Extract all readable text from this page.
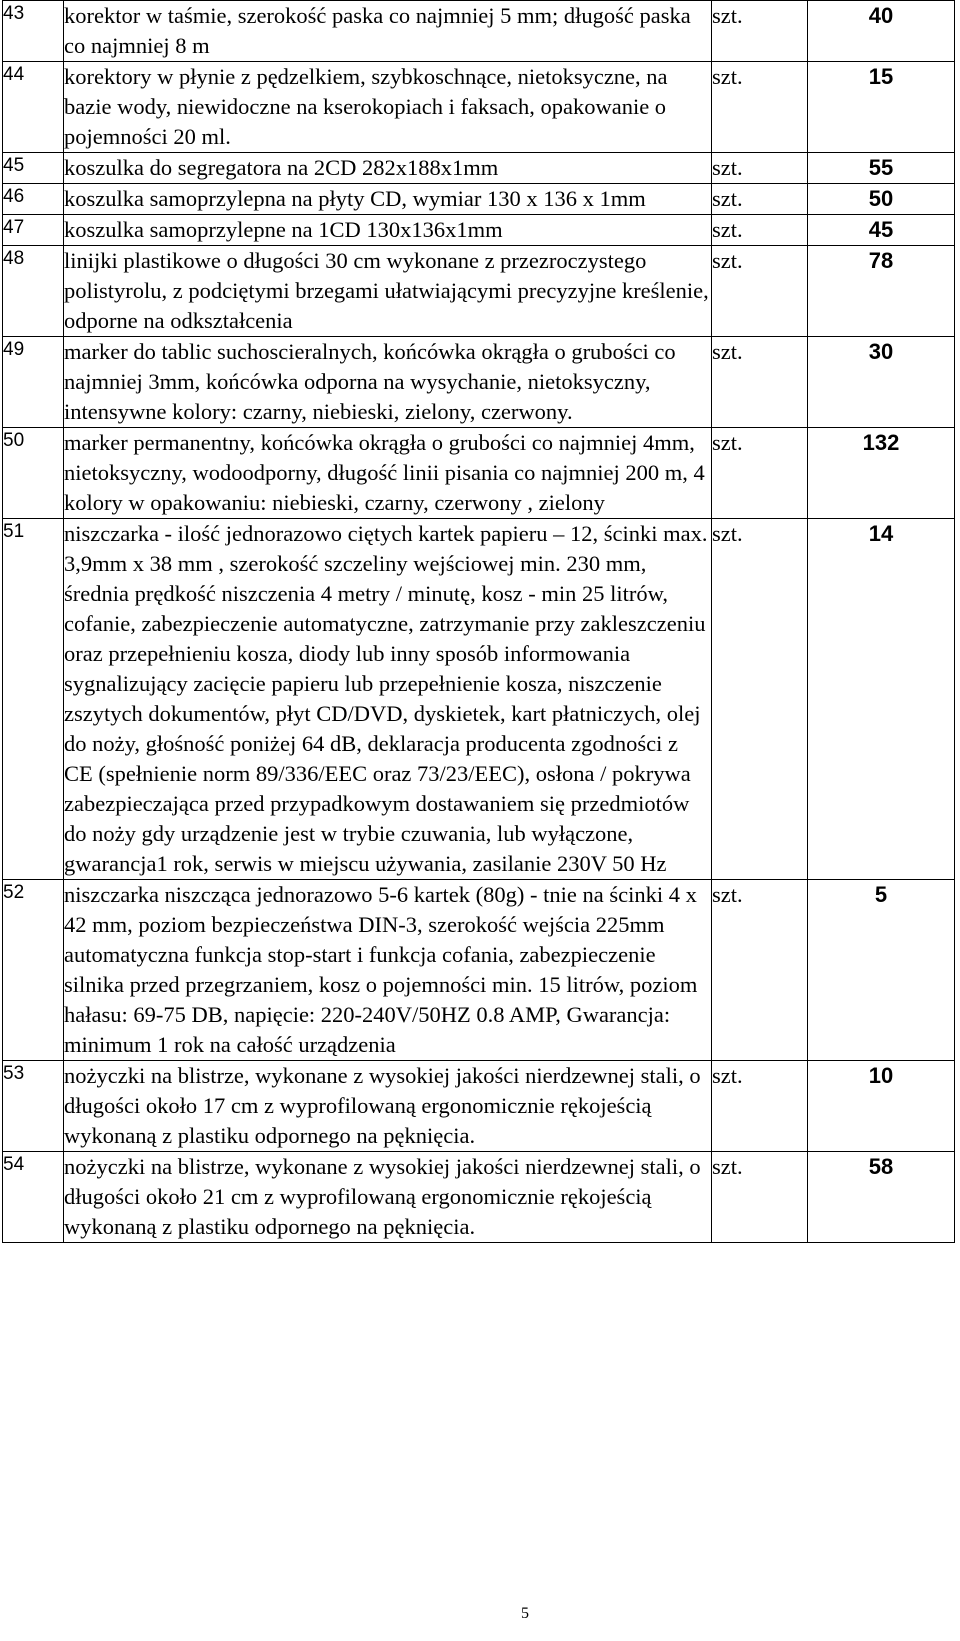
43	korektor w taśmie, szerokość paska co najmniej 5 mm; długość paska co najmniej 8 m	szt.	40
44	korektory w płynie z pędzelkiem, szybkoschnące, nietoksyczne, na bazie wody, niewidoczne na kserokopiach i faksach, opakowanie o pojemności 20 ml.	szt.	15
45	koszulka do segregatora na 2CD 282x188x1mm	szt.	55
46	koszulka samoprzylepna na płyty CD, wymiar 130 x 136 x 1mm	szt.	50
47	koszulka samoprzylepne na 1CD 130x136x1mm	szt.	45
48	linijki plastikowe o długości 30 cm wykonane z przezroczystego polistyrolu, z podciętymi brzegami ułatwiającymi precyzyjne kreślenie, odporne na odkształcenia	szt.	78
49	marker do tablic suchoscieralnych, końcówka okrągła o grubości co najmniej 3mm, końcówka odporna na wysychanie, nietoksyczny, intensywne kolory: czarny, niebieski, zielony, czerwony.	szt.	30
50	marker permanentny, końcówka okrągła o grubości co najmniej 4mm, nietoksyczny, wodoodporny, długość linii pisania co najmniej 200 m, 4 kolory w opakowaniu: niebieski, czarny, czerwony , zielony	szt.	132
51	niszczarka - ilość jednorazowo ciętych kartek papieru – 12, ścinki max. 3,9mm x 38 mm , szerokość szczeliny wejściowej min. 230 mm, średnia prędkość niszczenia 4 metry / minutę, kosz - min 25 litrów, cofanie, zabezpieczenie automatyczne, zatrzymanie przy zakleszczeniu oraz przepełnieniu kosza, diody lub inny sposób informowania sygnalizujący zacięcie papieru lub przepełnienie kosza, niszczenie zszytych dokumentów, płyt CD/DVD, dyskietek, kart płatniczych, olej do noży, głośność poniżej 64 dB, deklaracja producenta zgodności z CE (spełnienie norm 89/336/EEC oraz 73/23/EEC), osłona / pokrywa zabezpieczająca przed przypadkowym dostawaniem się przedmiotów do noży gdy urządzenie jest w trybie czuwania, lub wyłączone, gwarancja1 rok, serwis w miejscu używania, zasilanie 230V 50 Hz	szt.	14
52	niszczarka niszcząca jednorazowo 5-6 kartek (80g) - tnie na ścinki 4 x 42 mm, poziom bezpieczeństwa DIN-3, szerokość wejścia 225mm automatyczna funkcja stop-start i funkcja cofania, zabezpieczenie silnika przed przegrzaniem, kosz o pojemności min. 15 litrów, poziom hałasu: 69-75 DB, napięcie: 220-240V/50HZ 0.8 AMP, Gwarancja: minimum 1 rok na całość urządzenia	szt.	5
53	nożyczki na blistrze, wykonane z wysokiej jakości nierdzewnej stali, o długości około 17 cm z wyprofilowaną ergonomicznie rękojeścią wykonaną z plastiku odpornego na pęknięcia.	szt.	10
54	nożyczki na blistrze, wykonane z wysokiej jakości nierdzewnej stali, o długości około 21 cm z wyprofilowaną ergonomicznie rękojeścią wykonaną z plastiku odpornego na pęknięcia.	szt.	58
5
